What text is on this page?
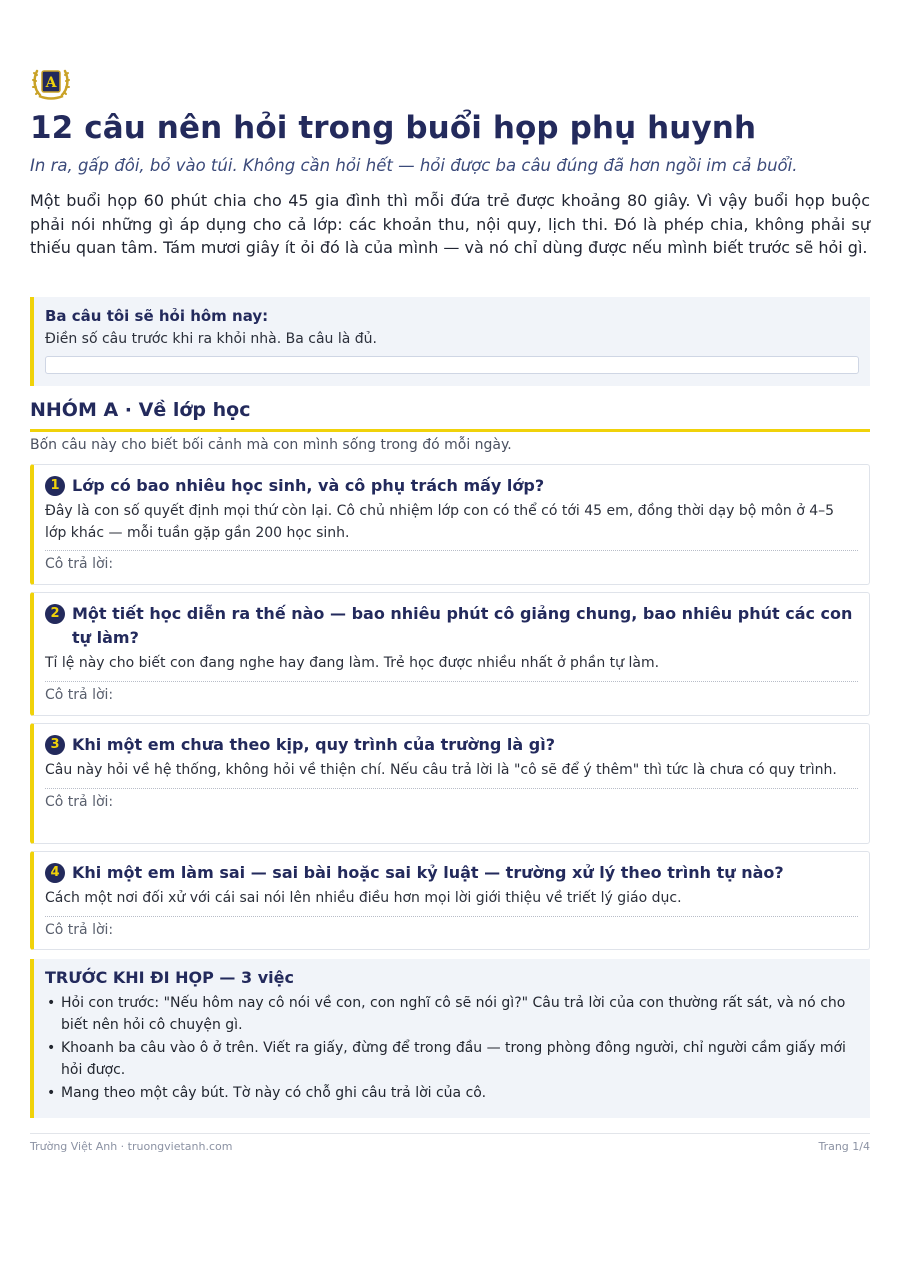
A
12 câu nên hỏi trong buổi họp phụ huynh
In ra, gấp đôi, bỏ vào túi. Không cần hỏi hết — hỏi được ba câu đúng đã hơn ngồi im cả buổi.

Một buổi họp 60 phút chia cho 45 gia đình thì mỗi đứa trẻ được khoảng 80 giây. Vì vậy buổi họp buộc phải nói những gì áp dụng cho cả lớp: các khoản thu, nội quy, lịch thi. Đó là phép chia, không phải sự thiếu quan tâm. Tám mươi giây ít ỏi đó là của mình — và nó chỉ dùng được nếu mình biết trước sẽ hỏi gì.

Ba câu tôi sẽ hỏi hôm nay:
Điền số câu trước khi ra khỏi nhà. Ba câu là đủ.
NHÓM A · Về lớp học
Bốn câu này cho biết bối cảnh mà con mình sống trong đó mỗi ngày.
1 Lớp có bao nhiêu học sinh, và cô phụ trách mấy lớp?
Đây là con số quyết định mọi thứ còn lại. Cô chủ nhiệm lớp con có thể có tới 45 em, đồng thời dạy bộ môn ở 4–5 lớp khác — mỗi tuần gặp gần 200 học sinh.
Cô trả lời:
2 Một tiết học diễn ra thế nào — bao nhiêu phút cô giảng chung, bao nhiêu phút các con tự làm?
Tỉ lệ này cho biết con đang nghe hay đang làm. Trẻ học được nhiều nhất ở phần tự làm.
Cô trả lời:
3 Khi một em chưa theo kịp, quy trình của trường là gì?
Câu này hỏi về hệ thống, không hỏi về thiện chí. Nếu câu trả lời là "cô sẽ để ý thêm" thì tức là chưa có quy trình.
Cô trả lời:
4 Khi một em làm sai — sai bài hoặc sai kỷ luật — trường xử lý theo trình tự nào?
Cách một nơi đối xử với cái sai nói lên nhiều điều hơn mọi lời giới thiệu về triết lý giáo dục.
Cô trả lời:
TRƯỚC KHI ĐI HỌP — 3 việc
• Hỏi con trước: "Nếu hôm nay cô nói về con, con nghĩ cô sẽ nói gì?" Câu trả lời của con thường rất sát, và nó cho biết nên hỏi cô chuyện gì.
• Khoanh ba câu vào ô ở trên. Viết ra giấy, đừng để trong đầu — trong phòng đông người, chỉ người cầm giấy mới hỏi được.
• Mang theo một cây bút. Tờ này có chỗ ghi câu trả lời của cô.
Trường Việt Anh · truongvietanh.com	Trang 1/4
